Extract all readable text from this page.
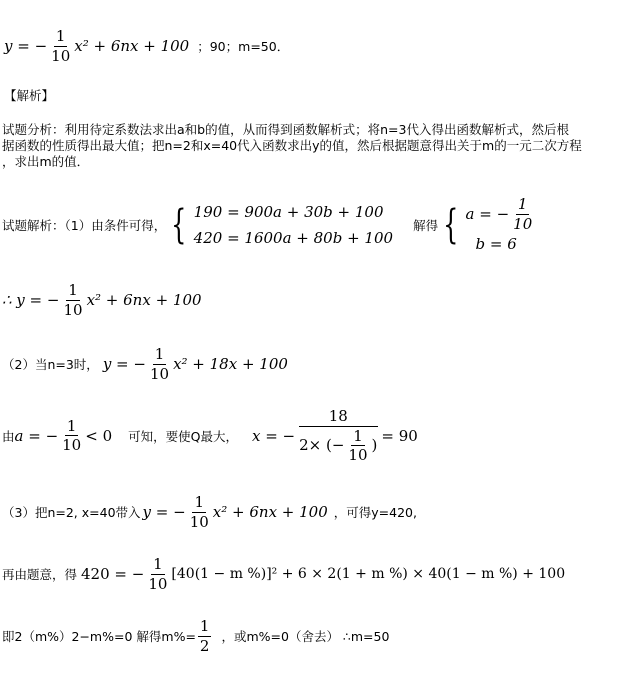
y = − $\frac{1}{10} x^2 + 6nx + 100$ ；90；m=50．
【解析】
试题分析：利用待定系数法求出a和b的值，从而得到函数解析式；将n=3代入得出函数解析式，然后根
据函数的性质得出最大值；把n=2和x=40代入函数求出y的值，然后根据题意得出关于m的一元二次方程
，求出m的值．
试题解析：（1）由条件可得， { 190 = 900a + 30b + 100
420 = 1600a + 80b + 100
解得 { a = − $\frac{1}{10}$
b = 6
∴ y = − $\frac{1}{10} x^2 + 6nx + 100$
（2）当n=3时， y = − $\frac{1}{10} x^2 + 18x + 100$
由 a = − $\frac{1}{10} < 0$ 可知，要使Q最大， x = − $\frac{18}{2\times (- \frac{1}{10} )} = 90$
（3）把n=2, x=40带入 y = − $\frac{1}{10} x^2 + 6nx + 100$ ，可得y=420,
再由题意，得 420 = − $\frac{1}{10} [40(1 - m$ %)]² + 6 × 2(1 + m %) × 40(1 − m %) + 100
即2（m%）2−m%=0 解得$m\%= \frac{1}{2}$ ，或m%=0（舍去） ∴m=50
